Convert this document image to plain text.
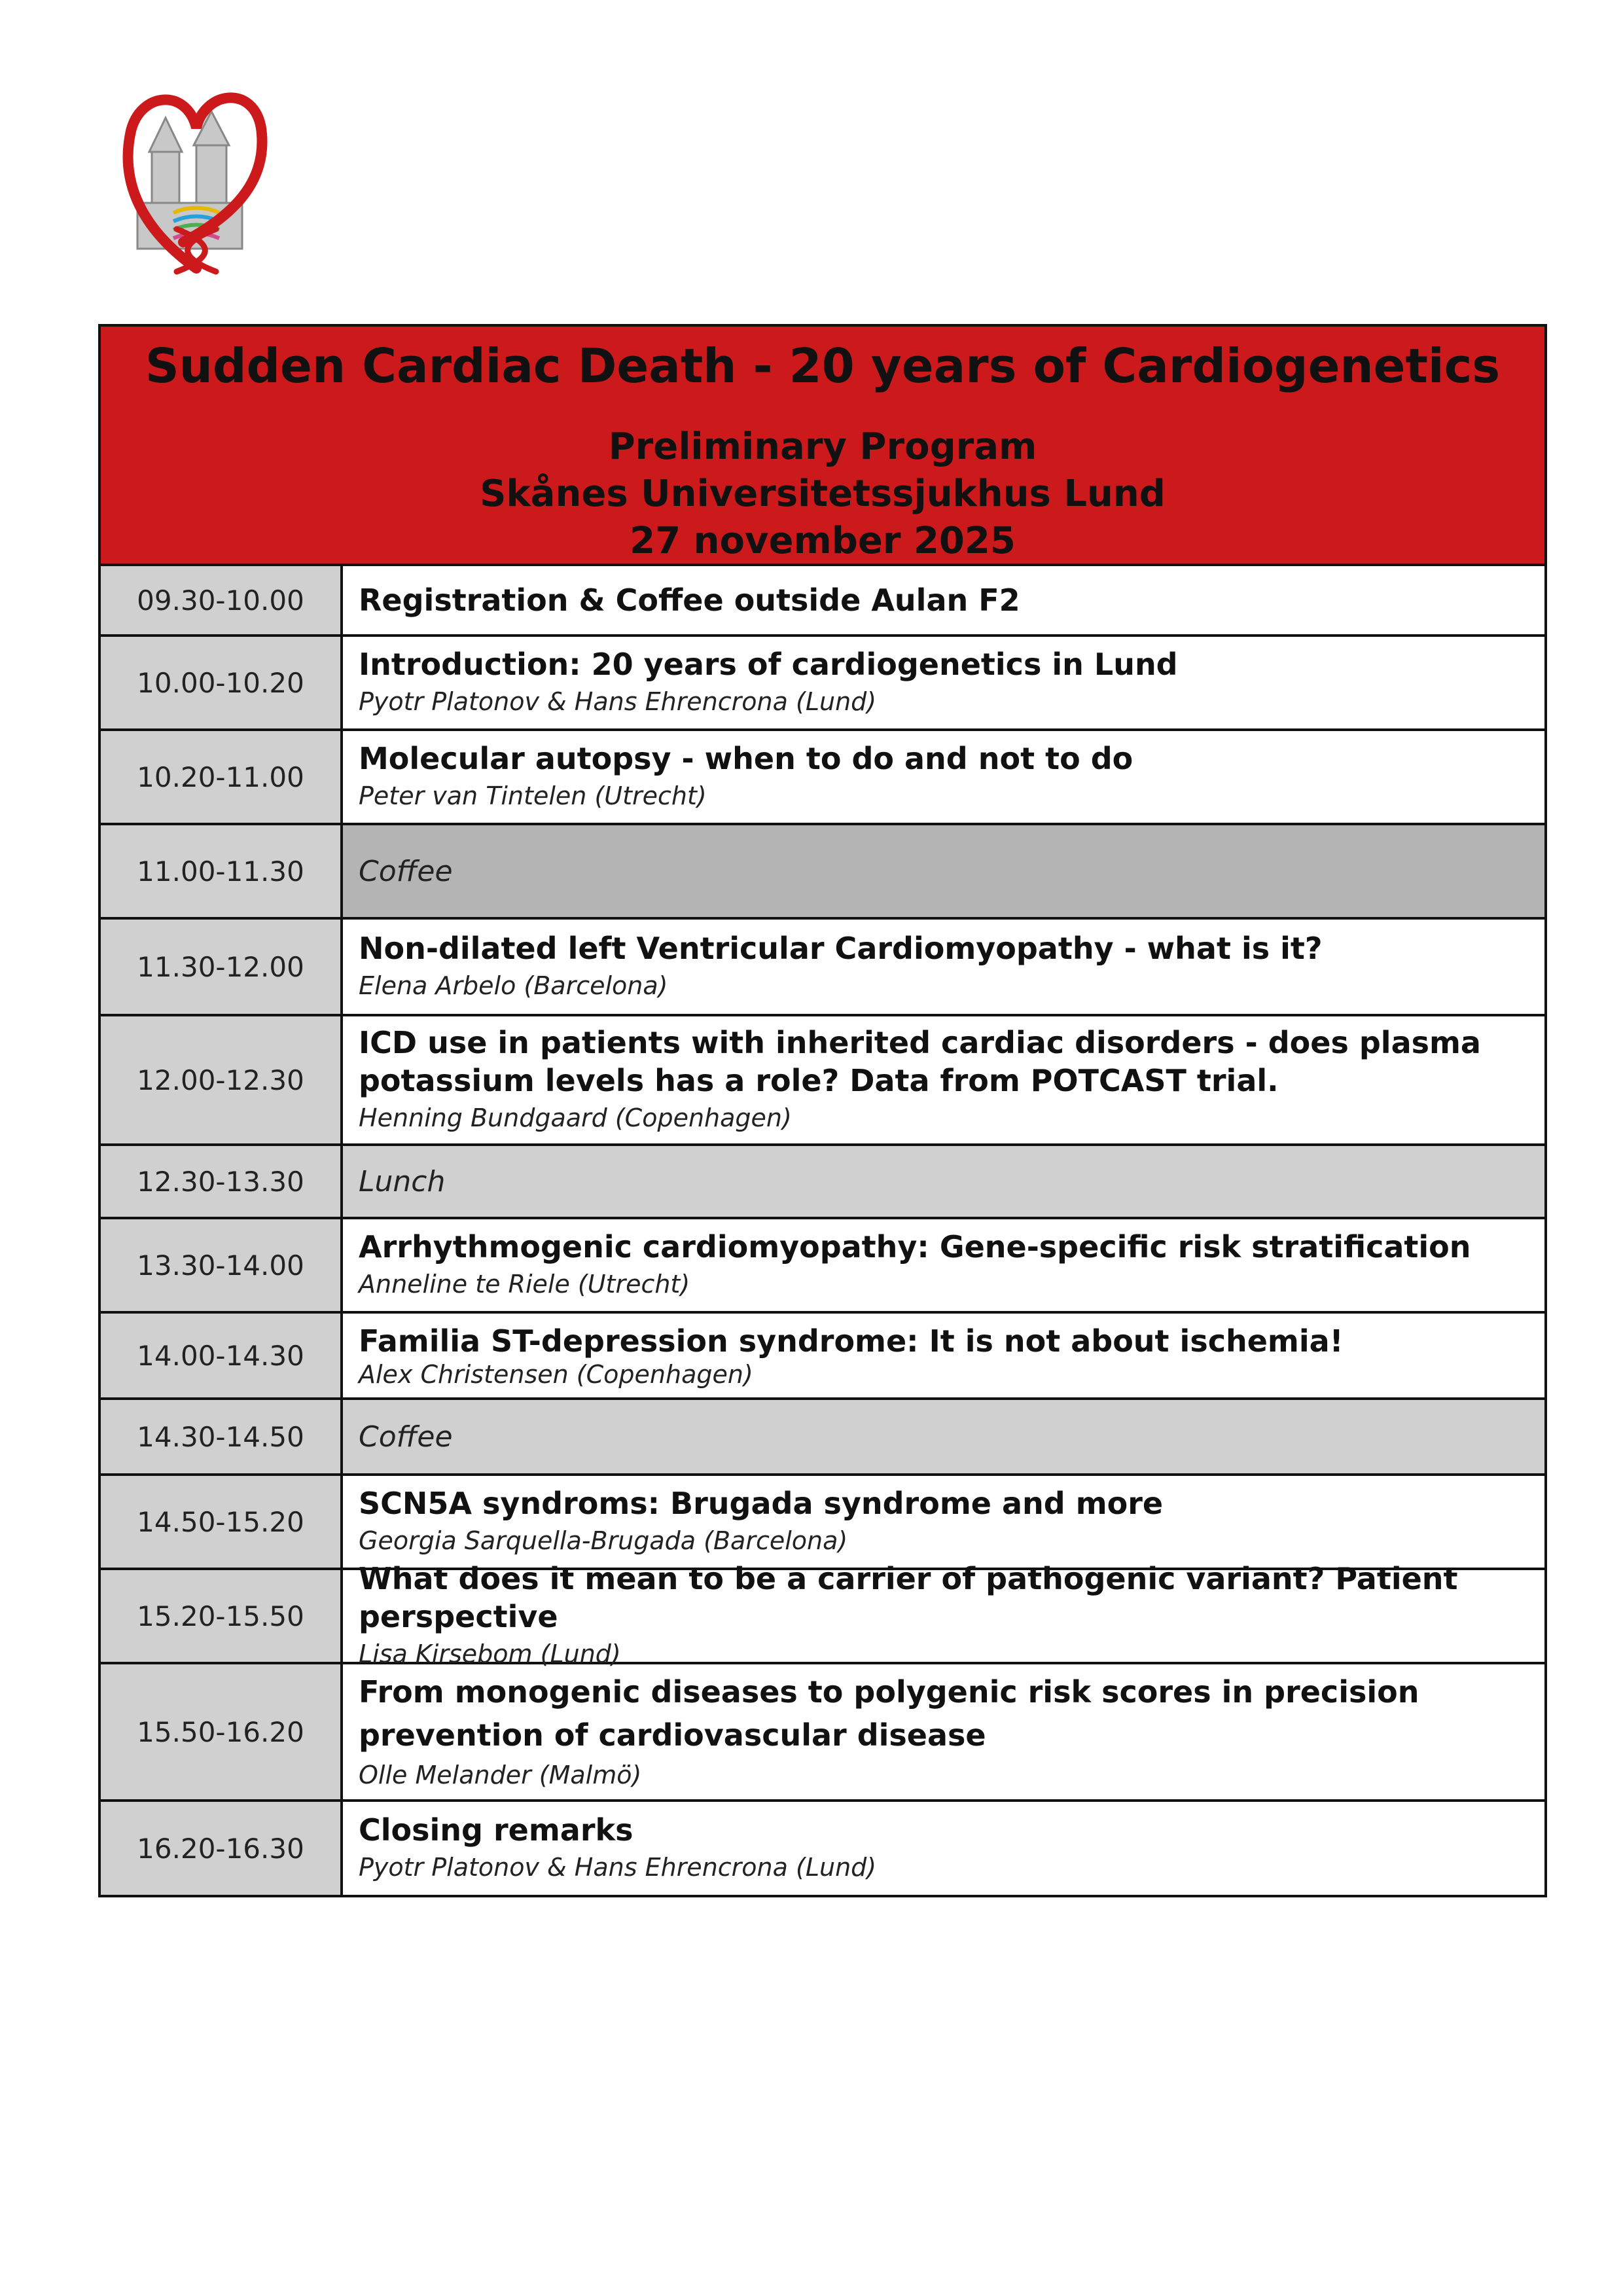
Sudden Cardiac Death - 20 years of Cardiogenetics
Preliminary Program
Skånes Universitetssjukhus Lund
27 november 2025
09.30-10.00	Registration & Coffee outside Aulan F2
10.00-10.20
Introduction: 20 years of cardiogenetics in Lund
Pyotr Platonov & Hans Ehrencrona (Lund)
10.20-11.00
Molecular autopsy - when to do and not to do
Peter van Tintelen (Utrecht)
11.00-11.30	Coffee
11.30-12.00
Non-dilated left Ventricular Cardiomyopathy - what is it?
Elena Arbelo (Barcelona)
12.00-12.30
ICD use in patients with inherited cardiac disorders - does plasma potassium levels has a role? Data from POTCAST trial.
Henning Bundgaard (Copenhagen)
12.30-13.30	Lunch
13.30-14.00
Arrhythmogenic cardiomyopathy: Gene-specific risk stratification
Anneline te Riele (Utrecht)
14.00-14.30	Familia ST-depression syndrome: It is not about ischemia!
Alex Christensen (Copenhagen)
14.30-14.50	Coffee
14.50-15.20
SCN5A syndroms: Brugada syndrome and more
Georgia Sarquella-Brugada (Barcelona)
15.20-15.50
What does it mean to be a carrier of pathogenic variant? Patient perspective
Lisa Kirsebom (Lund)
15.50-16.20
From monogenic diseases to polygenic risk scores in precision prevention of cardiovascular disease
Olle Melander (Malmö)
16.20-16.30
Closing remarks
Pyotr Platonov & Hans Ehrencrona (Lund)
